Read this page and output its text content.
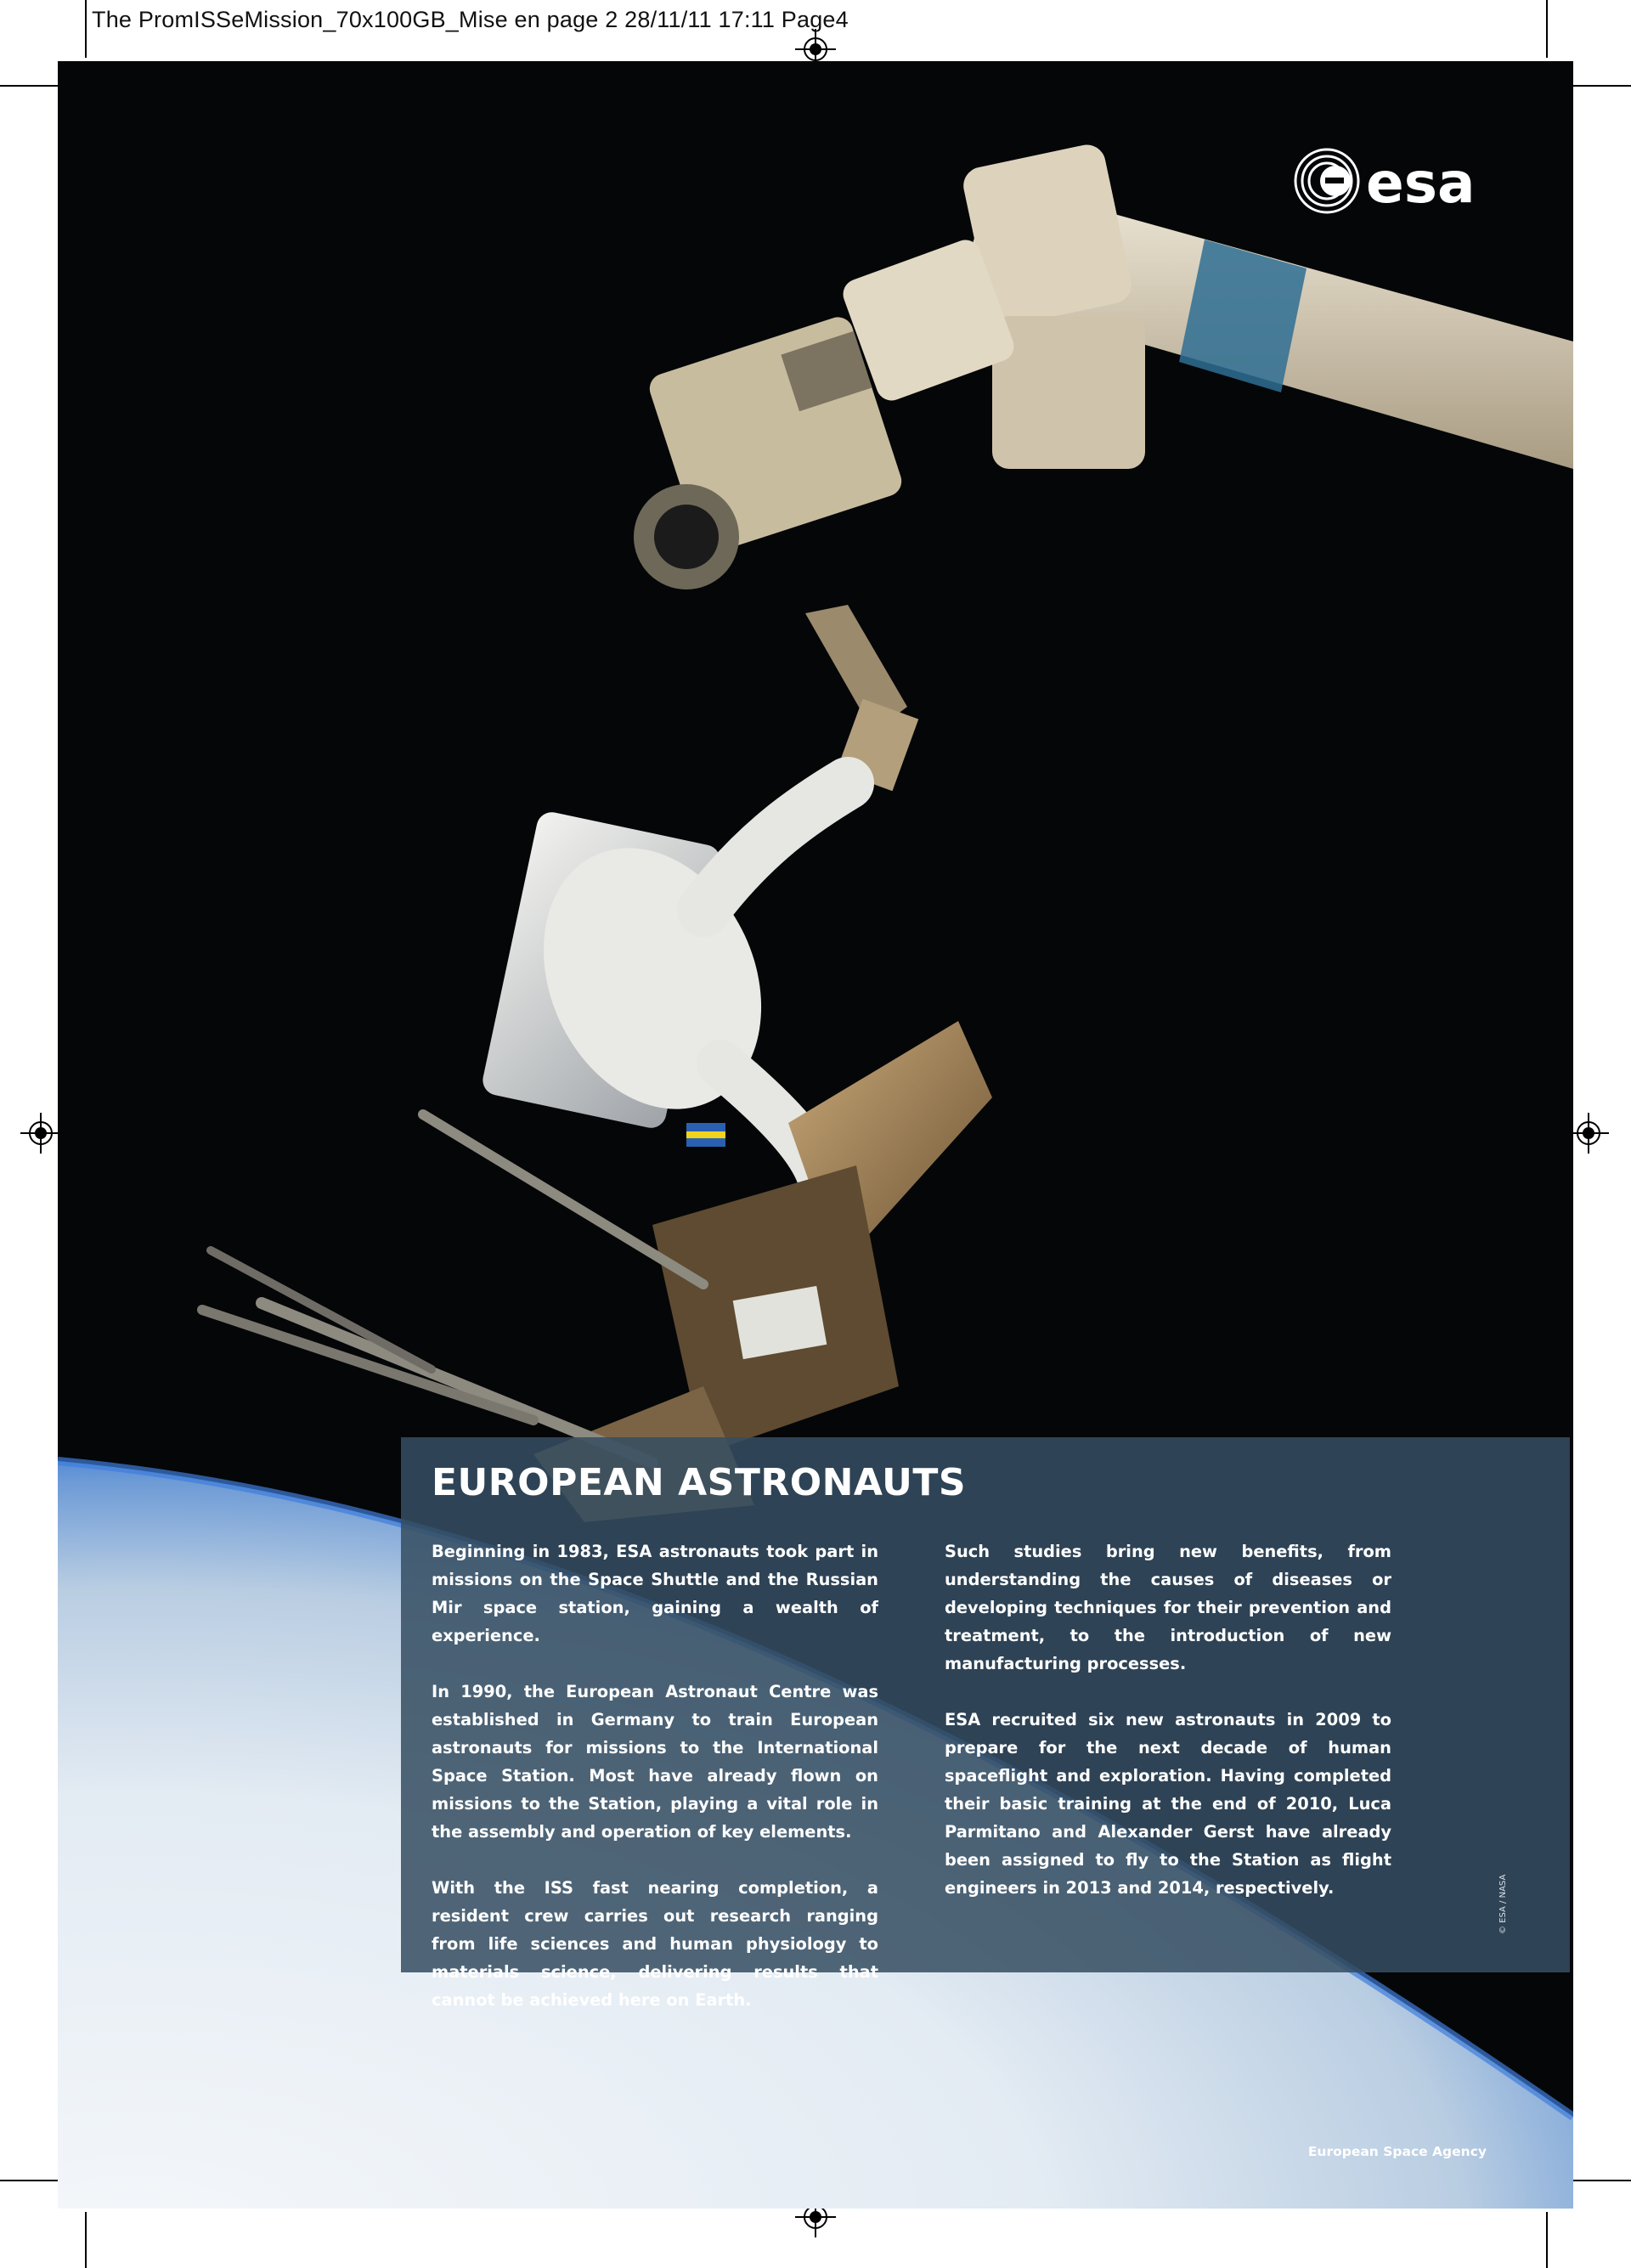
The PromISSeMission_70x100GB_Mise en page 2 28/11/11 17:11 Page4
esa
EUROPEAN ASTRONAUTS

Beginning in 1983, ESA astronauts took part in missions on the Space Shuttle and the Russian Mir space station, gaining a wealth of experience.

In 1990, the European Astronaut Centre was established in Germany to train European astronauts for missions to the International Space Station. Most have already flown on missions to the Station, playing a vital role in the assembly and operation of key elements.

With the ISS fast nearing completion, a resident crew carries out research ranging from life sciences and human physiology to materials science, delivering results that cannot be achieved here on Earth.

Such studies bring new benefits, from understanding the causes of diseases or developing techniques for their prevention and treatment, to the introduction of new manufacturing processes.

ESA recruited six new astronauts in 2009 to prepare for the next decade of human spaceflight and exploration. Having completed their basic training at the end of 2010, Luca Parmitano and Alexander Gerst have already been assigned to fly to the Station as flight engineers in 2013 and 2014, respectively.	© ESA / NASA
European Space Agency
